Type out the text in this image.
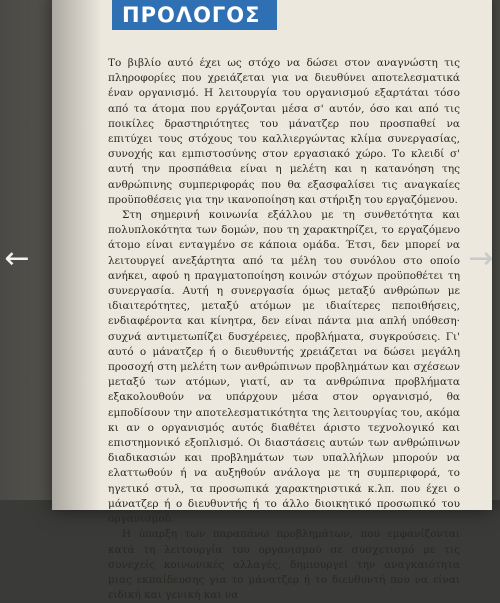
ΠΡΟΛΟΓΟΣ

Το βιβλίο αυτό έχει ως στόχο να δώσει στον αναγνώστη τις πληροφορίες που χρειάζεται για να διευθύνει αποτελεσματικά έναν οργανισμό. Η λειτουργία του οργανισμού εξαρτάται τόσο από τα άτομα που εργάζονται μέσα σ' αυτόν, όσο και από τις ποικίλες δραστηριότητες του μάνατζερ που προσπαθεί να επιτύχει τους στόχους του καλλιεργώντας κλίμα συνεργασίας, συνοχής και εμπιστοσύνης στον εργασιακό χώρο. Το κλειδί σ' αυτή την προσπάθεια είναι η μελέτη και η κατανόηση της ανθρώπινης συμπεριφοράς που θα εξασφαλίσει τις αναγκαίες προϋποθέσεις για την ικανοποίηση και στήριξη του εργαζόμενου.

Στη σημερινή κοινωνία εξάλλου με τη συνθετότητα και πολυπλοκότητα των δομών, που τη χαρακτηρίζει, το εργαζόμενο άτομο είναι ενταγμένο σε κάποια ομάδα. Έτσι, δεν μπορεί να λειτουργεί ανεξάρτητα από τα μέλη του συνόλου στο οποίο ανήκει, αφού η πραγματοποίηση κοινών στόχων προϋποθέτει τη συνεργασία. Αυτή η συνεργασία όμως μεταξύ ανθρώπων με ιδιαιτερότητες, μεταξύ ατόμων με ιδιαίτερες πεποιθήσεις, ενδιαφέροντα και κίνητρα, δεν είναι πάντα μια απλή υπόθεση· συχνά αντιμετωπίζει δυσχέρειες, προβλήματα, συγκρούσεις. Γι' αυτό ο μάνατζερ ή ο διευθυντής χρειάζεται να δώσει μεγάλη προσοχή στη μελέτη των ανθρώπινων προβλημάτων και σχέσεων μεταξύ των ατόμων, γιατί, αν τα ανθρώπινα προβλήματα εξακολουθούν να υπάρχουν μέσα στον οργανισμό, θα εμποδίσουν την αποτελεσματικότητα της λειτουργίας του, ακόμα κι αν ο οργανισμός αυτός διαθέτει άριστο τεχνολογικό και επιστημονικό εξοπλισμό. Οι διαστάσεις αυτών των ανθρώπινων διαδικασιών και προβλημάτων των υπαλλήλων μπορούν να ελαττωθούν ή να αυξηθούν ανάλογα με τη συμπεριφορά, το ηγετικό στυλ, τα προσωπικά χαρακτηριστικά κ.λπ. που έχει ο μάνατζερ ή ο διευθυντής ή το άλλο διοικητικό προσωπικό του οργανισμού.

Η ύπαρξη των παραπάνω προβλημάτων, που εμφανίζονται κατά τη λειτουργία του οργανισμού σε συσχετισμό με τις συνεχείς κοινωνικές αλλαγές, δημιουργεί την αναγκαιότητα μιας εκπαίδευσης για το μάνατζερ ή το διευθυντή που να είναι ειδική και γενική και να

←	→
